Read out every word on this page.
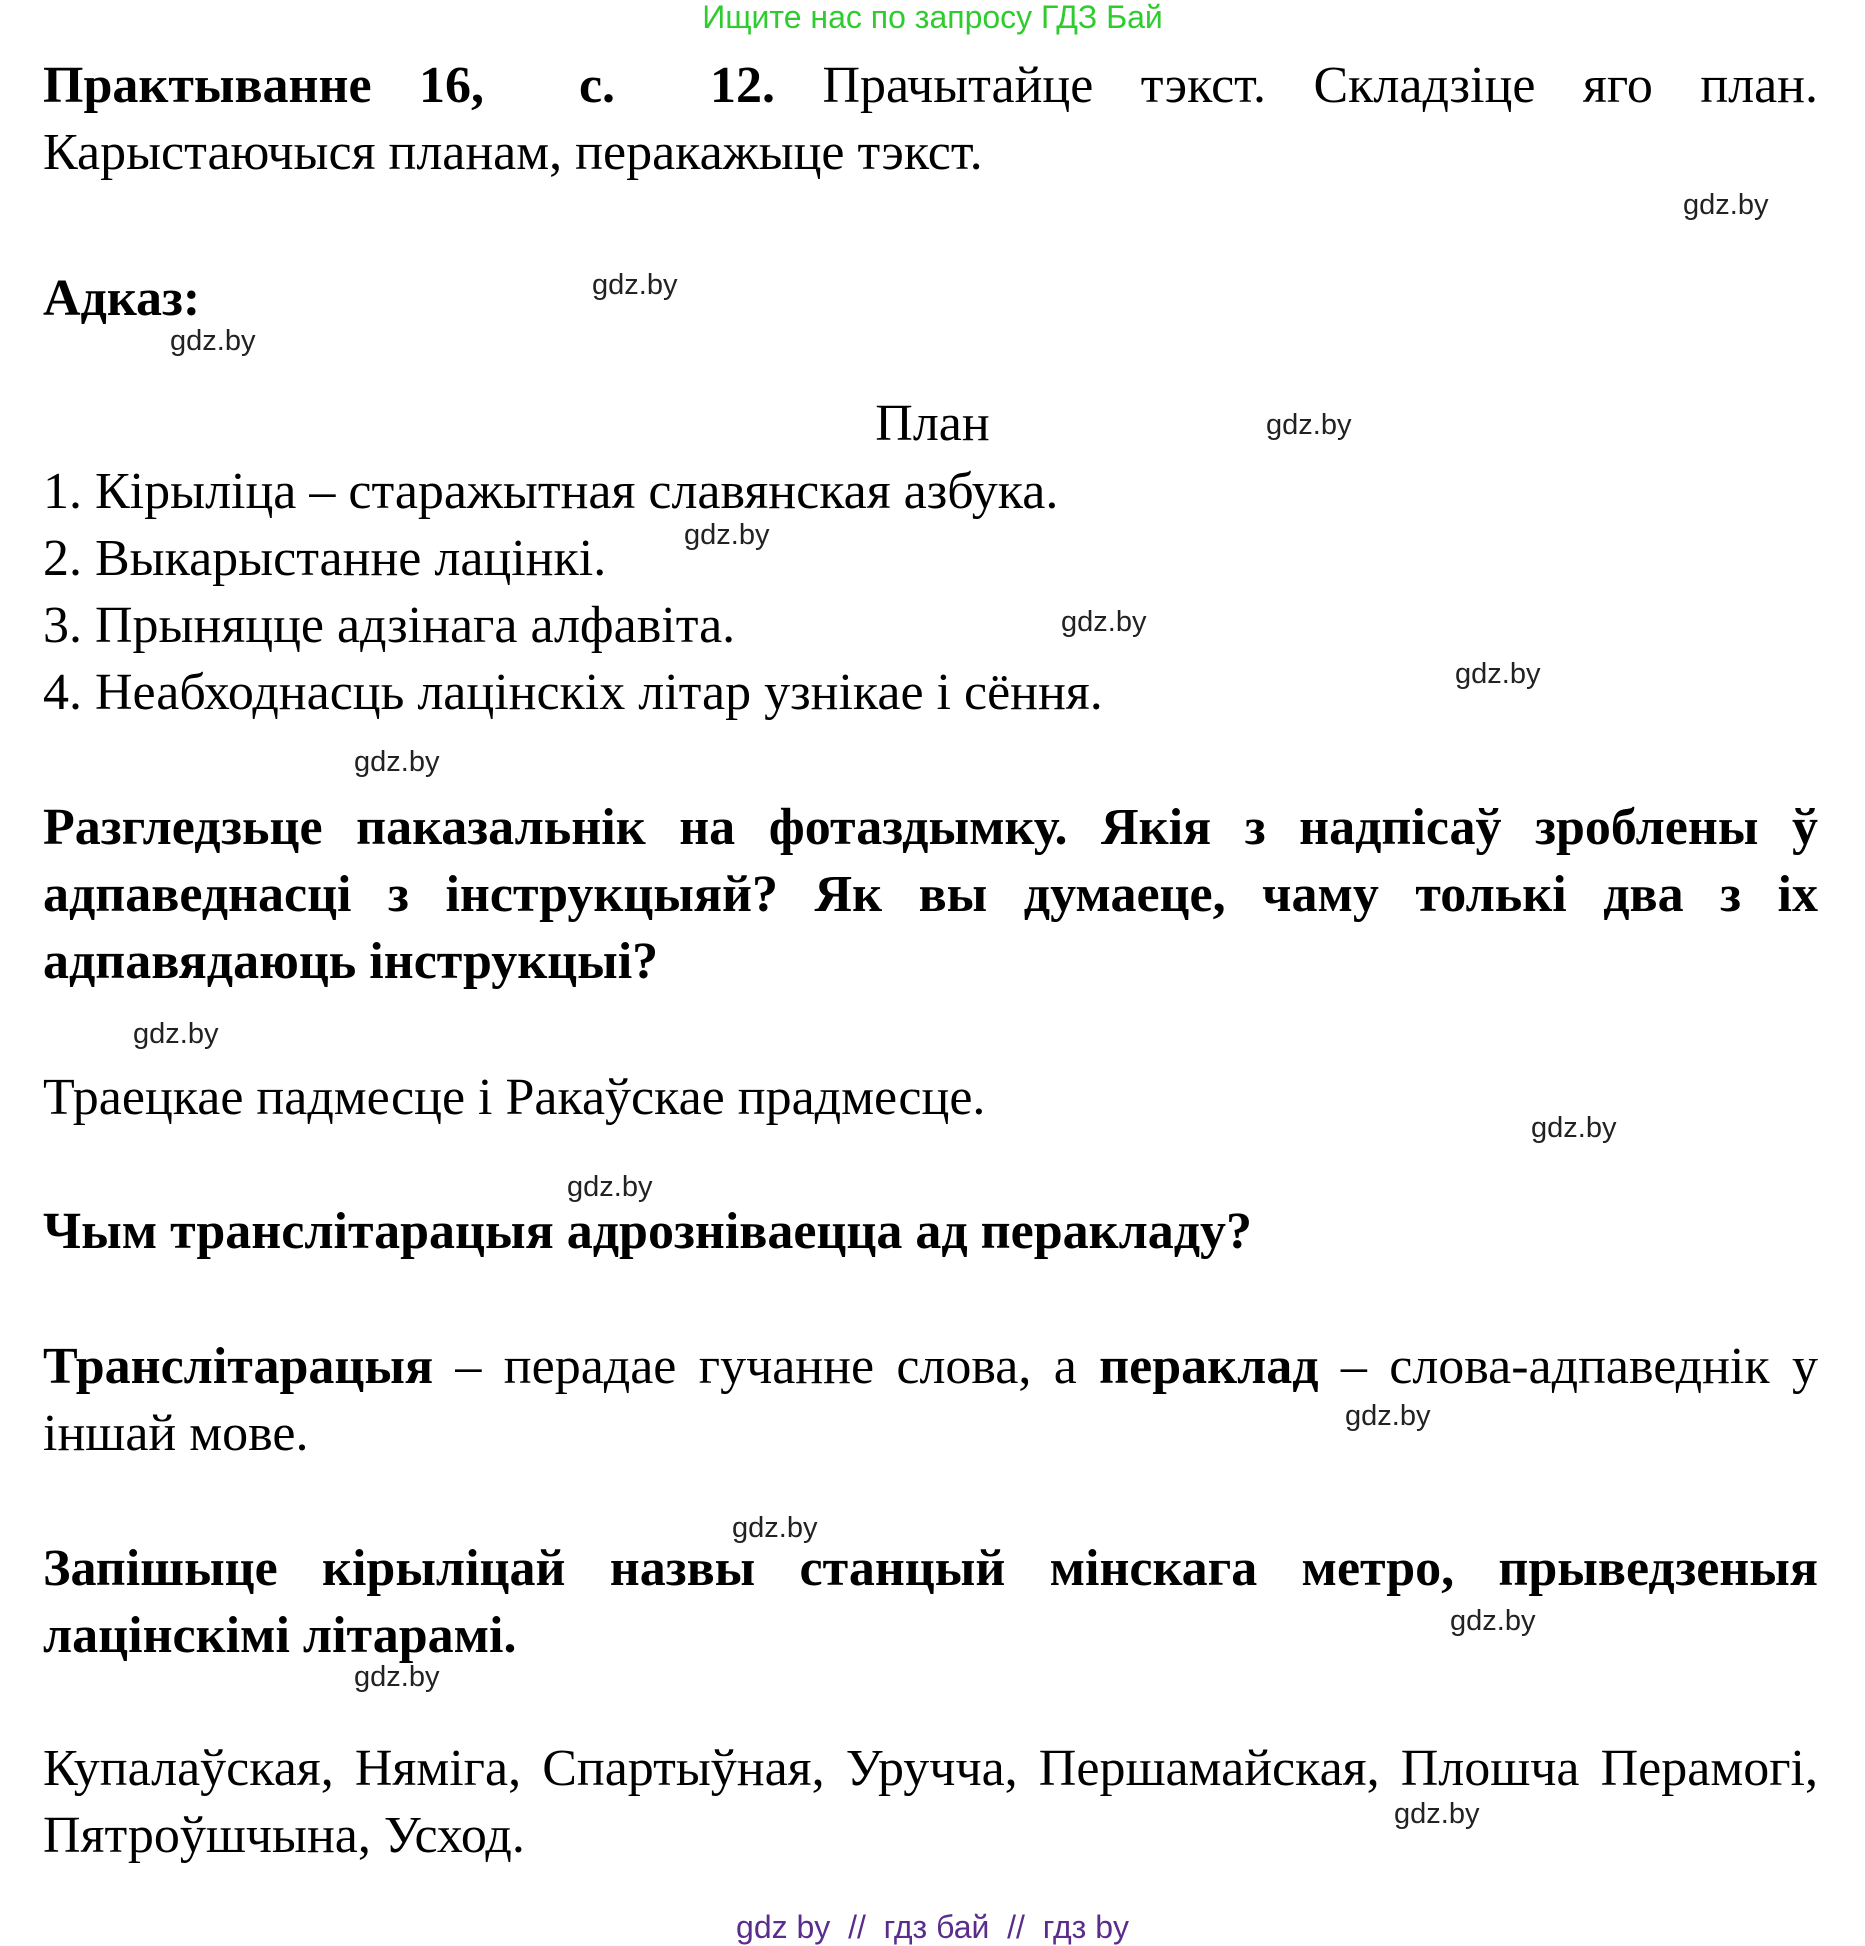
Ищите нас по запросу ГДЗ Бай
Практыванне 16,  с.  12. Прачытайце тэкст. Складзіце яго план. Карыстаючыся планам, перакажыце тэкст.
Адказ:
План
1. Кірыліца – старажытная славянская азбука.
2. Выкарыстанне лацінкі.
3. Прыняцце адзінага алфавіта.
4. Неабходнасць лацінскіх літар узнікае і сёння.
Разгледзьце паказальнік на фотаздымку. Якія з надпісаў зроблены ў адпаведнасці з інструкцыяй? Як вы думаеце, чаму толькі два з іх адпавядаюць інструкцыі?
Траецкае падмесце і Ракаўскае прадмесце.
Чым транслітарацыя адрозніваецца ад перакладу?
Транслітарацыя – перадае гучанне слова, а пераклад – слова-адпаведнік у іншай мове.
Запішыце кірыліцай назвы станцый мінскага метро, прыведзеныя лацінскімі літарамі.
Купалаўская, Няміга, Спартыўная, Уручча, Першамайская, Плошча Перамогі, Пятроўшчына, Усход.
gdz.by
gdz.by
gdz.by
gdz.by
gdz.by
gdz.by
gdz.by
gdz.by
gdz.by
gdz.by
gdz.by
gdz.by
gdz.by
gdz.by
gdz.by
gdz.by
gdz by  //  гдз бай  //  гдз by
